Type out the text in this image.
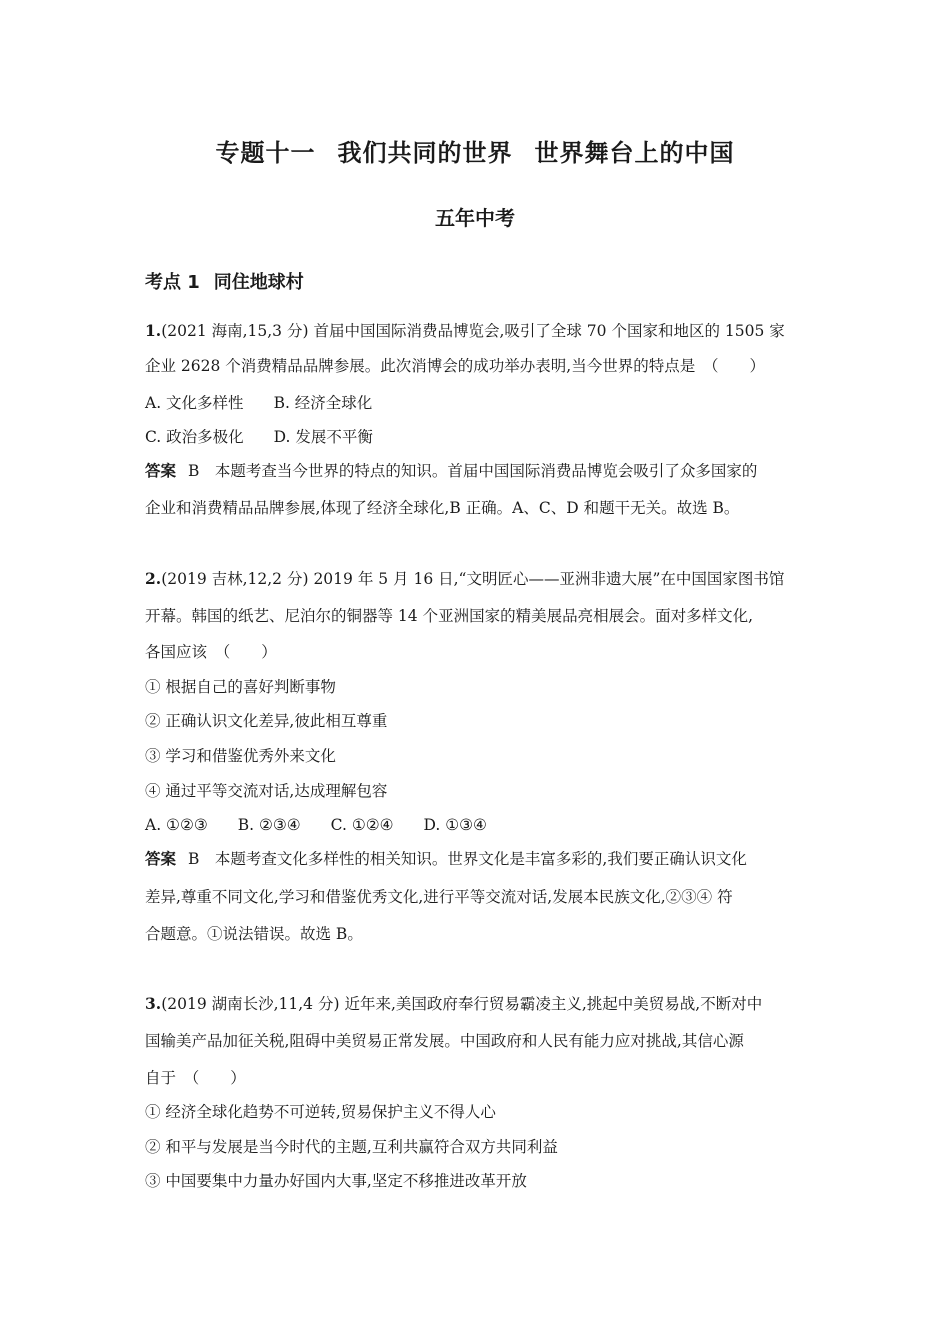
专题十一 我们共同的世界 世界舞台上的中国
五年中考
考点 1 同住地球村
1.(2021 海南,15,3 分) 首届中国国际消费品博览会,吸引了全球 70 个国家和地区的 1505 家
企业 2628 个消费精品品牌参展。此次消博会的成功举办表明,当今世界的特点是　（　　）
A. 文化多样性 B. 经济全球化
C. 政治多极化 D. 发展不平衡
答案 B　本题考查当今世界的特点的知识。首届中国国际消费品博览会吸引了众多国家的
企业和消费精品品牌参展,体现了经济全球化,B 正确。A、C、D 和题干无关。故选 B。
2.(2019 吉林,12,2 分) 2019 年 5 月 16 日,“文明匠心——亚洲非遗大展”在中国国家图书馆
开幕。韩国的纸艺、尼泊尔的铜器等 14 个亚洲国家的精美展品亮相展会。面对多样文化,
各国应该　（　　）
① 根据自己的喜好判断事物
② 正确认识文化差异,彼此相互尊重
③ 学习和借鉴优秀外来文化
④ 通过平等交流对话,达成理解包容
A. ①②③ B. ②③④ C. ①②④ D. ①③④
答案 B　本题考查文化多样性的相关知识。世界文化是丰富多彩的,我们要正确认识文化
差异,尊重不同文化,学习和借鉴优秀文化,进行平等交流对话,发展本民族文化,②③④ 符
合题意。①说法错误。故选 B。
3.(2019 湖南长沙,11,4 分) 近年来,美国政府奉行贸易霸凌主义,挑起中美贸易战,不断对中
国输美产品加征关税,阻碍中美贸易正常发展。中国政府和人民有能力应对挑战,其信心源
自于　（　　）
① 经济全球化趋势不可逆转,贸易保护主义不得人心
② 和平与发展是当今时代的主题,互利共赢符合双方共同利益
③ 中国要集中力量办好国内大事,坚定不移推进改革开放
